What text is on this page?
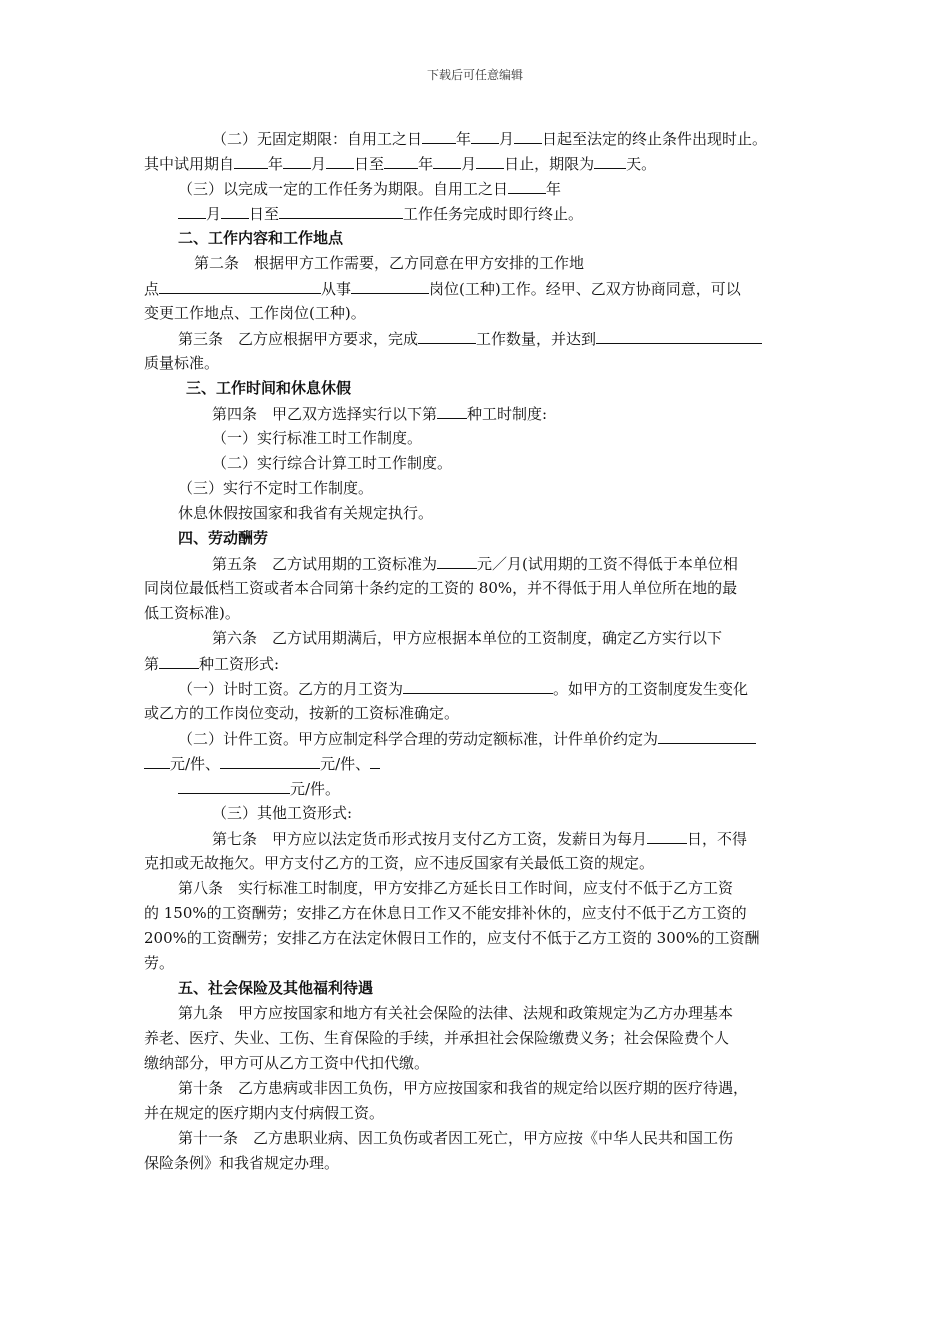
下载后可任意编辑
（二）无固定期限：自用工之日 年 月 日起至法定的终止条件出现时止。
其中试用期自 年 月 日至 年 月 日止，期限为 天。
（三）以完成一定的工作任务为期限。自用工之日	年
月 日至	工作任务完成时即行终止。
二、工作内容和工作地点
第二条　根据甲方工作需要，乙方同意在甲方安排的工作地
点	从事	岗位(工种)工作。经甲、乙双方协商同意，可以
变更工作地点、工作岗位(工种)。
第三条　乙方应根据甲方要求，完成	工作数量，并达到
质量标准。
三、工作时间和休息休假
第四条　甲乙双方选择实行以下第 种工时制度:
（一）实行标准工时工作制度。
（二）实行综合计算工时工作制度。
（三）实行不定时工作制度。
休息休假按国家和我省有关规定执行。
四、劳动酬劳
第五条　乙方试用期的工资标准为	元／月(试用期的工资不得低于本单位相
同岗位最低档工资或者本合同第十条约定的工资的 80%，并不得低于用人单位所在地的最
低工资标准)。
第六条　乙方试用期满后，甲方应根据本单位的工资制度，确定乙方实行以下
第	种工资形式:
（一）计时工资。乙方的月工资为	。如甲方的工资制度发生变化
或乙方的工作岗位变动，按新的工资标准确定。
（二）计件工资。甲方应制定科学合理的劳动定额标准，计件单价约定为
元/件、	元/件、
元/件。
（三）其他工资形式:
第七条　甲方应以法定货币形式按月支付乙方工资，发薪日为每月	日，不得
克扣或无故拖欠。甲方支付乙方的工资，应不违反国家有关最低工资的规定。
第八条　实行标准工时制度，甲方安排乙方延长日工作时间，应支付不低于乙方工资
的 150%的工资酬劳；安排乙方在休息日工作又不能安排补休的，应支付不低于乙方工资的
200%的工资酬劳；安排乙方在法定休假日工作的，应支付不低于乙方工资的 300%的工资酬
劳。
五、社会保险及其他福利待遇
第九条　甲方应按国家和地方有关社会保险的法律、法规和政策规定为乙方办理基本
养老、医疗、失业、工伤、生育保险的手续，并承担社会保险缴费义务；社会保险费个人
缴纳部分，甲方可从乙方工资中代扣代缴。
第十条　乙方患病或非因工负伤，甲方应按国家和我省的规定给以医疗期的医疗待遇，
并在规定的医疗期内支付病假工资。
第十一条　乙方患职业病、因工负伤或者因工死亡，甲方应按《中华人民共和国工伤
保险条例》和我省规定办理。
